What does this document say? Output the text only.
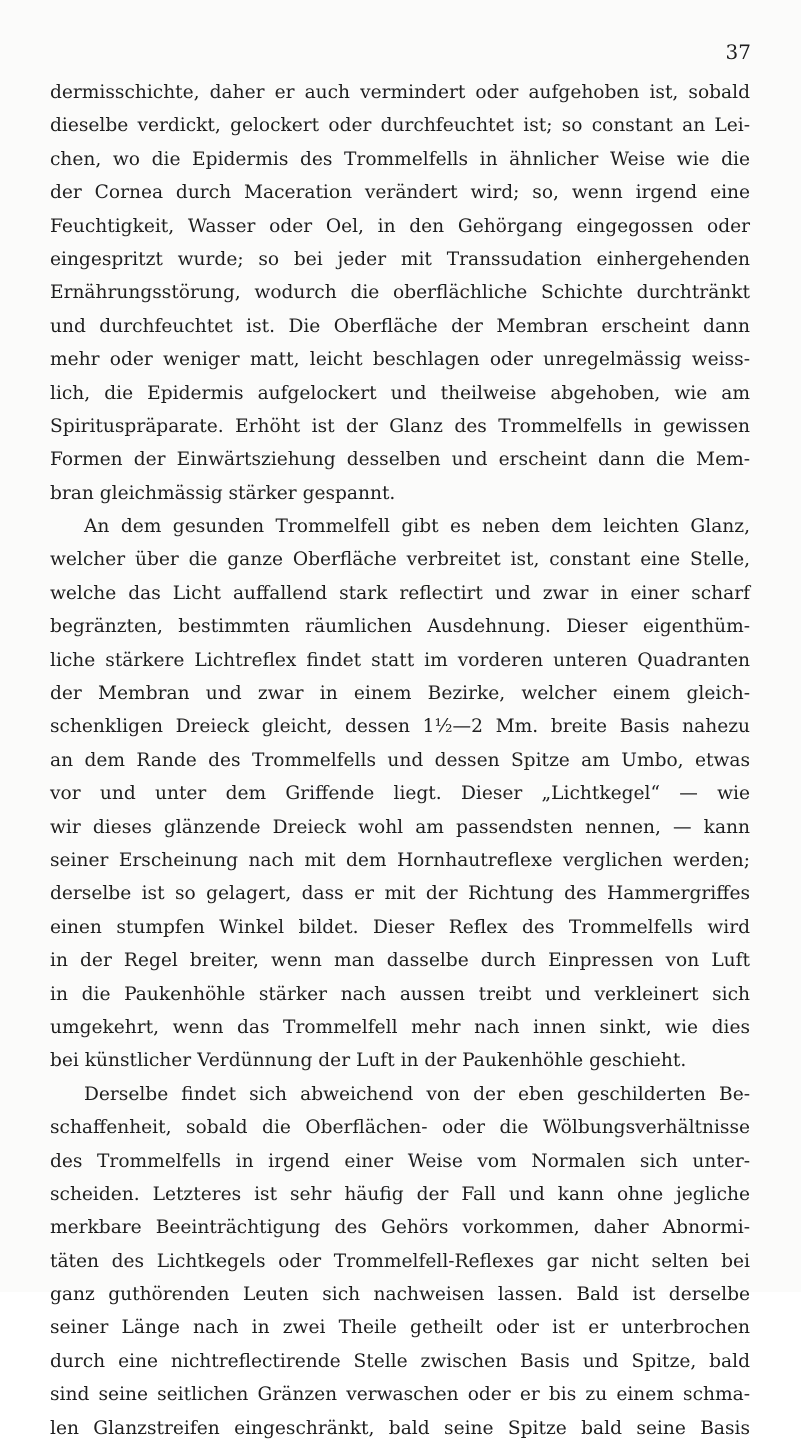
37
dermisschichte, daher er auch vermindert oder aufgehoben ist, sobald
dieselbe verdickt, gelockert oder durchfeuchtet ist; so constant an Lei-
chen, wo die Epidermis des Trommelfells in ähnlicher Weise wie die
der Cornea durch Maceration verändert wird; so, wenn irgend eine
Feuchtigkeit, Wasser oder Oel, in den Gehörgang eingegossen oder
eingespritzt wurde; so bei jeder mit Transsudation einhergehenden
Ernährungsstörung, wodurch die oberflächliche Schichte durchtränkt
und durchfeuchtet ist. Die Oberfläche der Membran erscheint dann
mehr oder weniger matt, leicht beschlagen oder unregelmässig weiss-
lich, die Epidermis aufgelockert und theilweise abgehoben, wie am
Spirituspräparate. Erhöht ist der Glanz des Trommelfells in gewissen
Formen der Einwärtsziehung desselben und erscheint dann die Mem-
bran gleichmässig stärker gespannt.
An dem gesunden Trommelfell gibt es neben dem leichten Glanz,
welcher über die ganze Oberfläche verbreitet ist, constant eine Stelle,
welche das Licht auffallend stark reflectirt und zwar in einer scharf
begränzten, bestimmten räumlichen Ausdehnung. Dieser eigenthüm-
liche stärkere Lichtreflex findet statt im vorderen unteren Quadranten
der Membran und zwar in einem Bezirke, welcher einem gleich-
schenkligen Dreieck gleicht, dessen 1½—2 Mm. breite Basis nahezu
an dem Rande des Trommelfells und dessen Spitze am Umbo, etwas
vor und unter dem Griffende liegt. Dieser „Lichtkegel“ — wie
wir dieses glänzende Dreieck wohl am passendsten nennen, — kann
seiner Erscheinung nach mit dem Hornhautreflexe verglichen werden;
derselbe ist so gelagert, dass er mit der Richtung des Hammergriffes
einen stumpfen Winkel bildet. Dieser Reflex des Trommelfells wird
in der Regel breiter, wenn man dasselbe durch Einpressen von Luft
in die Paukenhöhle stärker nach aussen treibt und verkleinert sich
umgekehrt, wenn das Trommelfell mehr nach innen sinkt, wie dies
bei künstlicher Verdünnung der Luft in der Paukenhöhle geschieht.
Derselbe findet sich abweichend von der eben geschilderten Be-
schaffenheit, sobald die Oberflächen- oder die Wölbungsverhältnisse
des Trommelfells in irgend einer Weise vom Normalen sich unter-
scheiden. Letzteres ist sehr häufig der Fall und kann ohne jegliche
merkbare Beeinträchtigung des Gehörs vorkommen, daher Abnormi-
täten des Lichtkegels oder Trommelfell-Reflexes gar nicht selten bei
ganz guthörenden Leuten sich nachweisen lassen. Bald ist derselbe
seiner Länge nach in zwei Theile getheilt oder ist er unterbrochen
durch eine nichtreflectirende Stelle zwischen Basis und Spitze, bald
sind seine seitlichen Gränzen verwaschen oder er bis zu einem schma-
len Glanzstreifen eingeschränkt, bald seine Spitze bald seine Basis
